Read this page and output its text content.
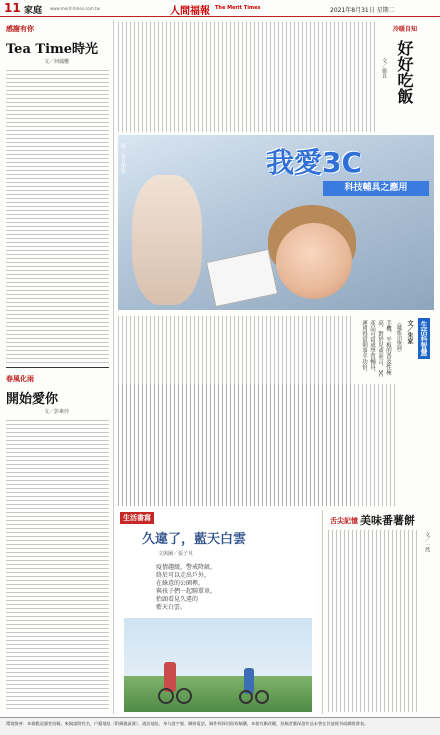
11 家庭 www.merit-times.com.tw	人間福報 The Merit Times	2021年8月31日 星期二
感謝有你
Tea Time時光
文／何鳳櫻
春風化雨
開始愛你
文／彭素玲
好好吃飯
冷暖自知
文／施良
我愛3C
科技輔具之應用
圖／取自網路
生活科智慧
文／朱家
（職能治療師）
手機、平板的普及性極高，對於兒童而言，3C產品可當成學習輔具，運用得當則事半功倍。
生活書寫
久違了，藍天白雲
文與圖／張子芃
疫情趨緩，警戒降級，
終於可以走出戶外，
在綠意的公園裡，
與孩子們一起騎單車，
抬頭看見久違的
藍天白雲。
舌尖記憶 美味番薯餅
文／一然
環境敬善：本報歡迎讀者投稿，來稿請附姓名、戶籍地址（附郵遞區號）、通訊地址、身分證字號、聯絡電話，稿件經採用即致稿酬，本報有刪改權，投稿者應保證作品未曾在其他報刊或網路發表。
